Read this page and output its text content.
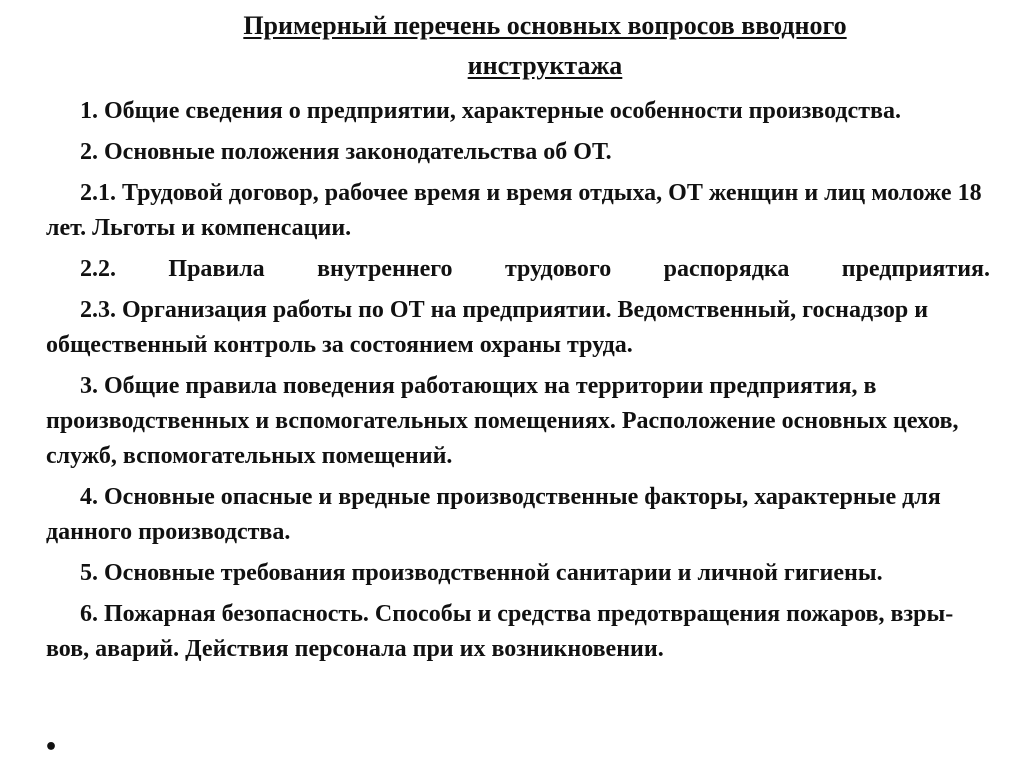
Примерный перечень основных вопросов вводного
инструктажа

1. Общие сведения о предприятии, характерные особенности производства.

2. Основные положения законодательства об ОТ.

2.1. Трудовой договор, рабочее время и время отдыха, ОТ женщин и лиц моложе 18 лет. Льготы и компенсации.

2.2. Правила внутреннего трудового распорядка предприятия.

2.3. Организация работы по ОТ на предприятии. Ведомственный, госнадзор и общественный контроль за состоянием охраны труда.

3. Общие правила поведения работающих на территории предприятия, в производственных и вспомогательных помещениях. Расположение основных цехов, служб, вспомогательных помещений.

4. Основные опасные и вредные производственные факторы, характерные для данного производства.

5. Основные требования производственной санитарии и личной гигиены.

6. Пожарная безопасность. Способы и средства предотвращения пожаров, взры-вов, аварий. Действия персонала при их возникновении.

•
